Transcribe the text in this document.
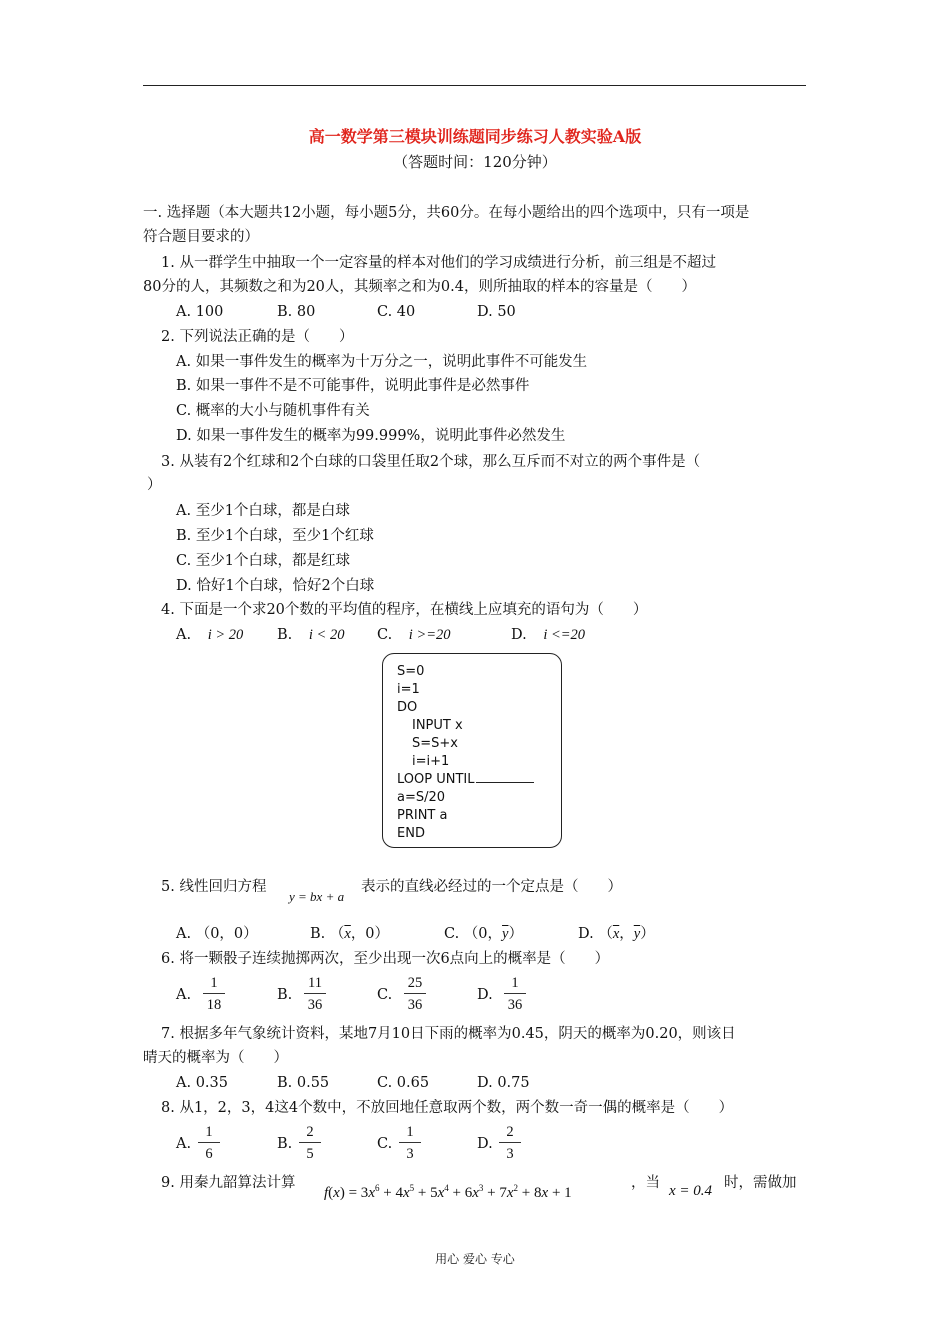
高一数学第三模块训练题同步练习人教实验A版
（答题时间：120分钟）
一. 选择题（本大题共12小题，每小题5分，共60分。在每小题给出的四个选项中，只有一项是
符合题目要求的）
1. 从一群学生中抽取一个一定容量的样本对他们的学习成绩进行分析，前三组是不超过
80分的人，其频数之和为20人，其频率之和为0.4，则所抽取的样本的容量是（　　）
A. 100	B. 80	C. 40	D. 50
2. 下列说法正确的是（　　）
A. 如果一事件发生的概率为十万分之一，说明此事件不可能发生
B. 如果一事件不是不可能事件，说明此事件是必然事件
C. 概率的大小与随机事件有关
D. 如果一事件发生的概率为99.999%，说明此事件必然发生
3. 从装有2个红球和2个白球的口袋里任取2个球，那么互斥而不对立的两个事件是（
）
A. 至少1个白球，都是白球
B. 至少1个白球，至少1个红球
C. 至少1个白球，都是红球
D. 恰好1个白球，恰好2个白球
4. 下面是一个求20个数的平均值的程序，在横线上应填充的语句为（　　）
A. i > 20 B. i < 20 C. i >=20	D. i <=20
S=0
i=1
DO
INPUT x
S=S+x
i=i+1
LOOP UNTIL
a=S/20
PRINT a
END
5. 线性回归方程
y = bx + a
表示的直线必经过的一个定点是（　　）
A. （0，0）	B. （$\overline{x}$，0）	C. （0，$\overline{y}$）	D. （$\overline{x}$，$\overline{y}$）
6. 将一颗骰子连续抛掷两次，至少出现一次6点向上的概率是（　　）
A.
1
18
B.
11
36
C.
25
36
D.
1
36
7. 根据多年气象统计资料，某地7月10日下雨的概率为0.45，阴天的概率为0.20，则该日
晴天的概率为（　　）
A. 0.35	B. 0.55	C. 0.65	D. 0.75
8. 从1，2，3，4这4个数中，不放回地任意取两个数，两个数一奇一偶的概率是（　　）
A.
1
6
B.
2
5
C.
1
3
D.
2
3
9. 用秦九韶算法计算
$f(x) = 3x^6 + 4x^5 + 5x^4 + 6x^3 + 7x^2 + 8x + 1$
，当 x = 0.4 时，需做加
用心 爱心 专心
